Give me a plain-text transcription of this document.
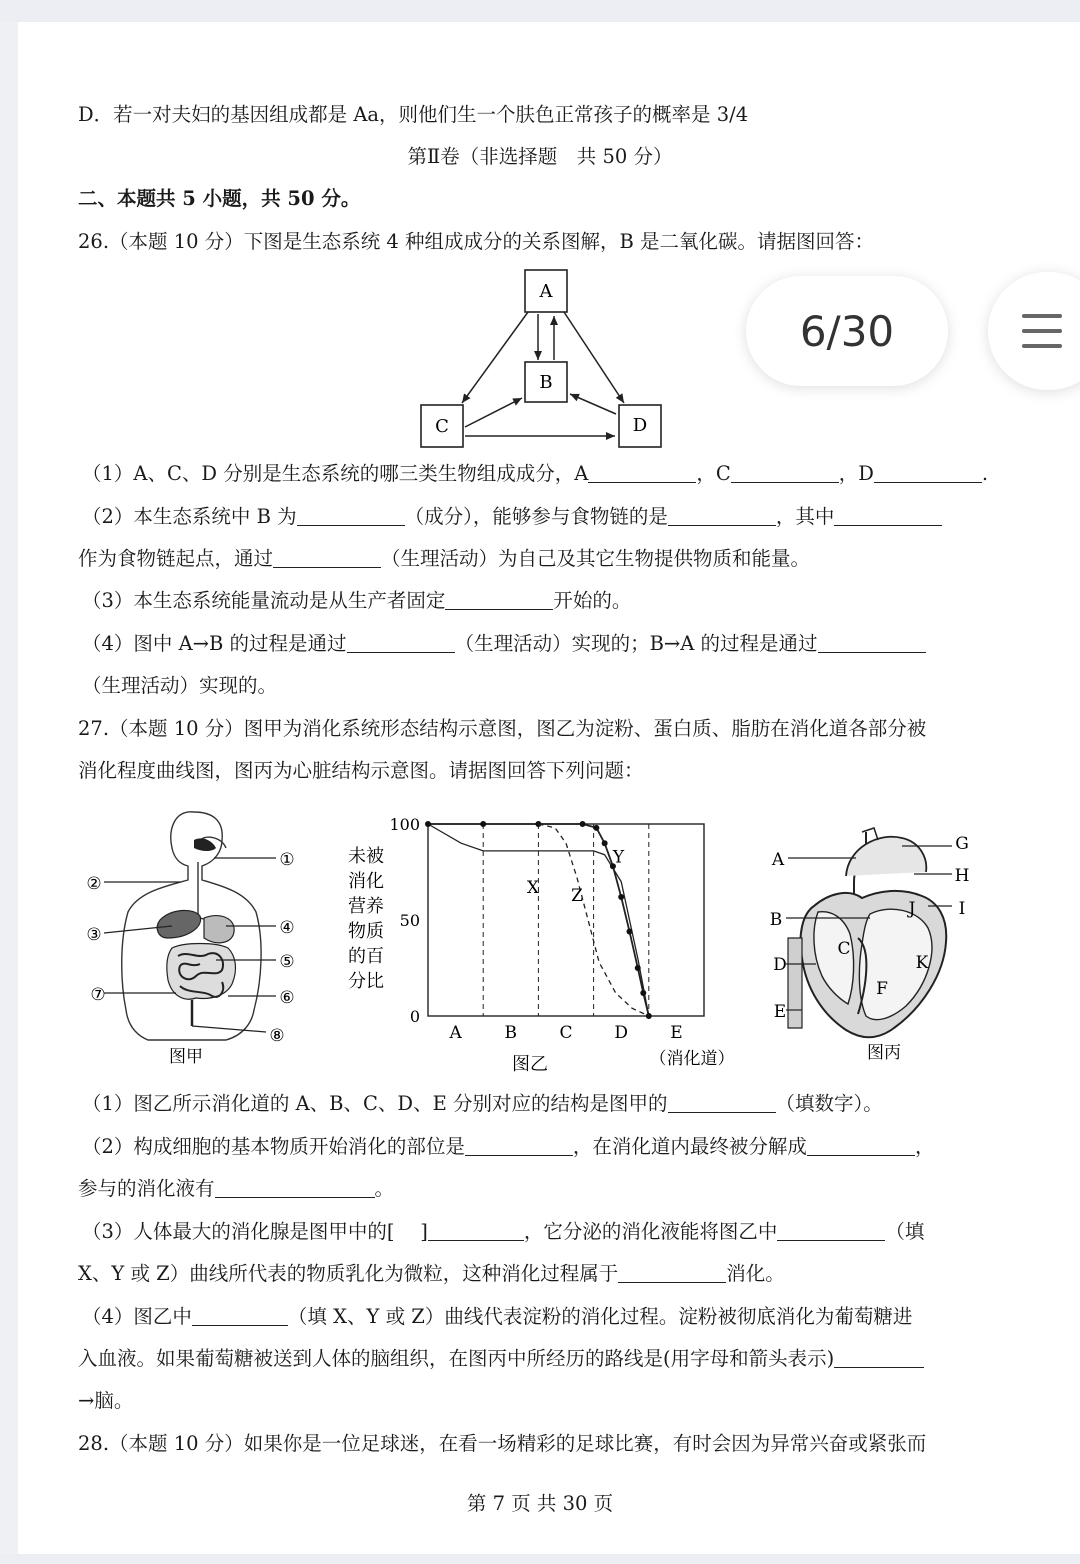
D．若一对夫妇的基因组成都是 Aa，则他们生一个肤色正常孩子的概率是 3/4
第Ⅱ卷（非选择题　共 50 分）
二、本题共 5 小题，共 50 分。
26.（本题 10 分）下图是生态系统 4 种组成成分的关系图解，B 是二氧化碳。请据图回答：
A
B
C	D
（1）A、C、D 分别是生态系统的哪三类生物组成成分，A	，C	，D	.
（2）本生态系统中 B 为	（成分），能够参与食物链的是	，其中
作为食物链起点，通过	（生理活动）为自己及其它生物提供物质和能量。
（3）本生态系统能量流动是从生产者固定	开始的。
（4）图中 A→B 的过程是通过	（生理活动）实现的；B→A 的过程是通过
（生理活动）实现的。
27.（本题 10 分）图甲为消化系统形态结构示意图，图乙为淀粉、蛋白质、脂肪在消化道各部分被
消化程度曲线图，图丙为心脏结构示意图。请据图回答下列问题：
①
②
③	④
⑤
⑥
⑦
⑧
图甲
未被
消化
营养
物质
的百
分比
A	B C D E
100
50
0
X
Y
Z
（消化道）
图乙
A
B
D
E
G
H
I
J
K
C
F
图丙
（1）图乙所示消化道的 A、B、C、D、E 分别对应的结构是图甲的	（填数字）。
（2）构成细胞的基本物质开始消化的部位是	，在消化道内最终被分解成	，
参与的消化液有	。
（3）人体最大的消化腺是图甲中的[　 ]	，它分泌的消化液能将图乙中	（填
X、Y 或 Z）曲线所代表的物质乳化为微粒，这种消化过程属于	消化。
（4）图乙中	（填 X、Y 或 Z）曲线代表淀粉的消化过程。淀粉被彻底消化为葡萄糖进
入血液。如果葡萄糖被送到人体的脑组织，在图丙中所经历的路线是(用字母和箭头表示)
→脑。
28.（本题 10 分）如果你是一位足球迷，在看一场精彩的足球比赛，有时会因为异常兴奋或紧张而
第 7 页 共 30 页
6/30
